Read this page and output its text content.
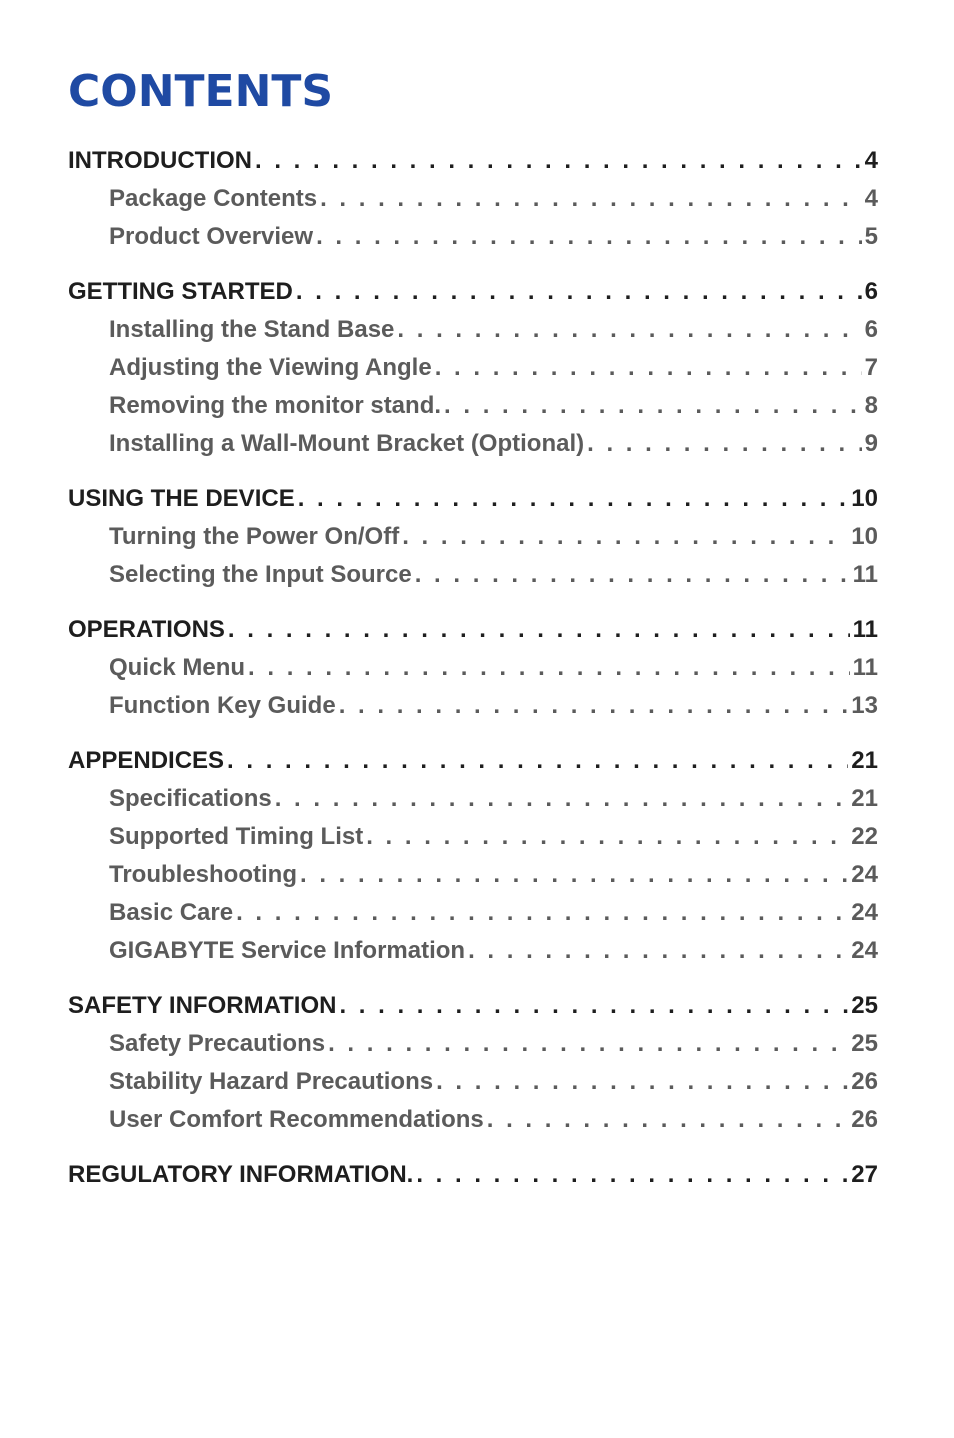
CONTENTS
INTRODUCTION . . .	4
Package Contents . . .	4
Product Overview . . .	5
GETTING STARTED . . .	6
Installing the Stand Base . . .	6
Adjusting the Viewing Angle . . .	7
Removing the monitor stand. . . .	8
Installing a Wall-Mount Bracket (Optional) . . .	9
USING THE DEVICE . . .	10
Turning the Power On/Off . . .	10
Selecting the Input Source . . .	11
OPERATIONS . . .	11
Quick Menu . . .	11
Function Key Guide . . .	13
APPENDICES . . .	21
Specifications . . .	21
Supported Timing List . . .	22
Troubleshooting . . .	24
Basic Care . . .	24
GIGABYTE Service Information . . .	24
SAFETY INFORMATION . . .	25
Safety Precautions . . .	25
Stability Hazard Precautions . . .	26
User Comfort Recommendations . . .	26
REGULATORY INFORMATION. . . .	27
